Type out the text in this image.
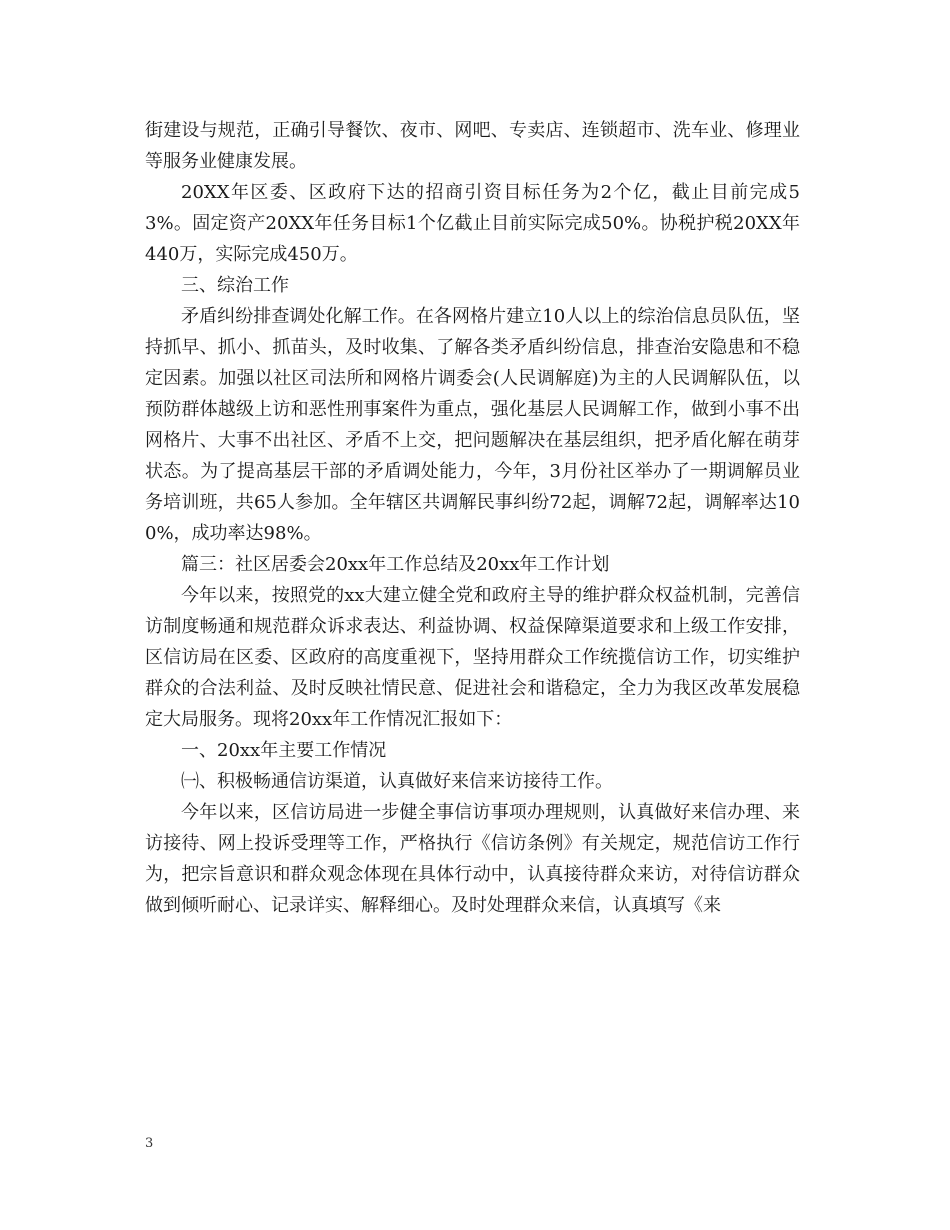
街建设与规范，正确引导餐饮、夜市、网吧、专卖店、连锁超市、洗车业、修理业等服务业健康发展。

20XX年区委、区政府下达的招商引资目标任务为2个亿，截止目前完成53%。固定资产20XX年任务目标1个亿截止目前实际完成50%。协税护税20XX年440万，实际完成450万。

三、综治工作

矛盾纠纷排查调处化解工作。在各网格片建立10人以上的综治信息员队伍，坚持抓早、抓小、抓苗头，及时收集、了解各类矛盾纠纷信息，排查治安隐患和不稳定因素。加强以社区司法所和网格片调委会(人民调解庭)为主的人民调解队伍，以预防群体越级上访和恶性刑事案件为重点，强化基层人民调解工作，做到小事不出网格片、大事不出社区、矛盾不上交，把问题解决在基层组织，把矛盾化解在萌芽状态。为了提高基层干部的矛盾调处能力，今年，3月份社区举办了一期调解员业务培训班，共65人参加。全年辖区共调解民事纠纷72起，调解72起，调解率达100%，成功率达98%。

篇三：社区居委会20xx年工作总结及20xx年工作计划

今年以来，按照党的xx大建立健全党和政府主导的维护群众权益机制，完善信访制度畅通和规范群众诉求表达、利益协调、权益保障渠道要求和上级工作安排，区信访局在区委、区政府的高度重视下，坚持用群众工作统揽信访工作，切实维护群众的合法利益、及时反映社情民意、促进社会和谐稳定，全力为我区改革发展稳定大局服务。现将20xx年工作情况汇报如下：

一、20xx年主要工作情况

㈠、积极畅通信访渠道，认真做好来信来访接待工作。

今年以来，区信访局进一步健全事信访事项办理规则，认真做好来信办理、来访接待、网上投诉受理等工作，严格执行《信访条例》有关规定，规范信访工作行为，把宗旨意识和群众观念体现在具体行动中，认真接待群众来访，对待信访群众做到倾听耐心、记录详实、解释细心。及时处理群众来信，认真填写《来

3
